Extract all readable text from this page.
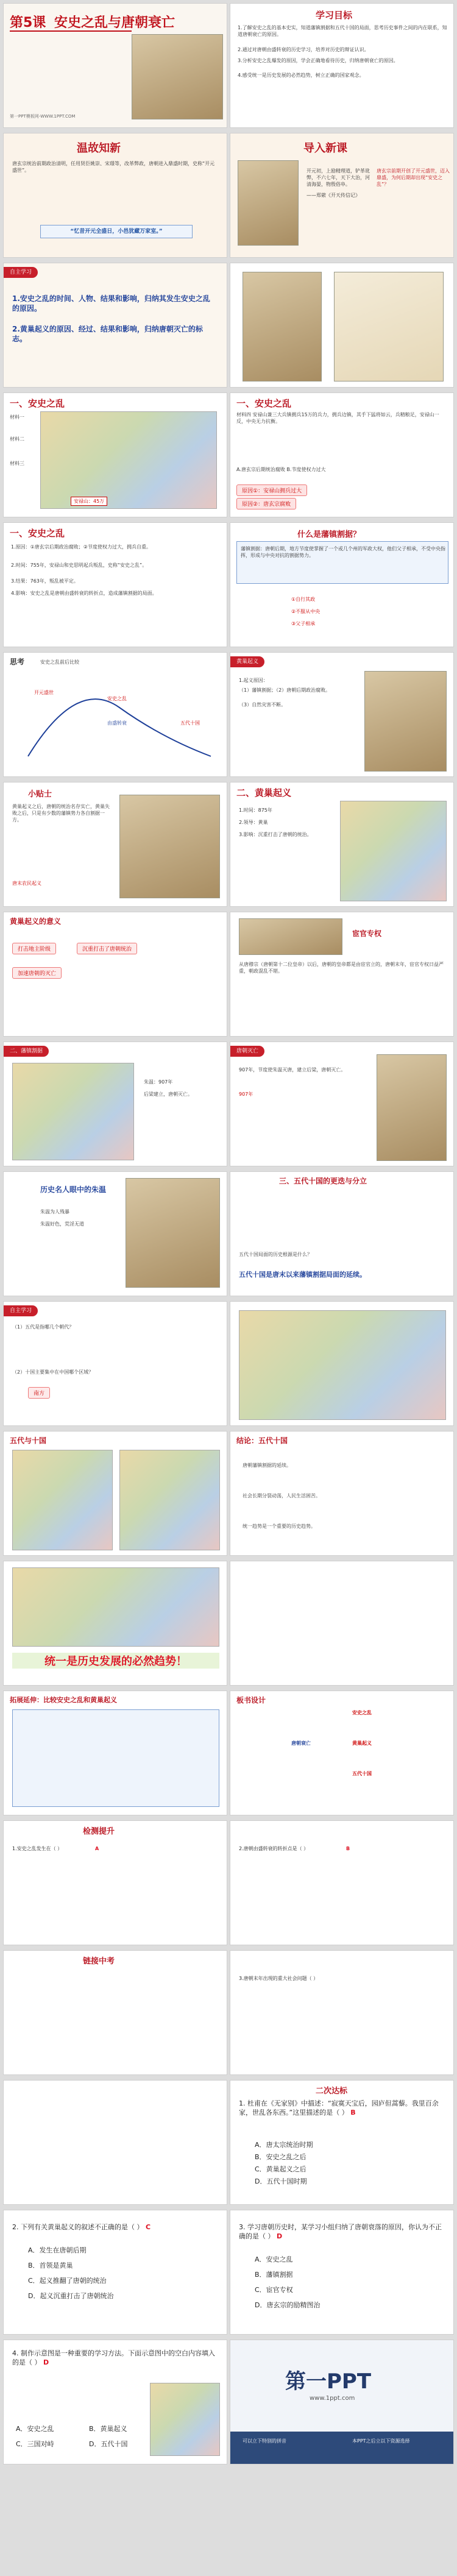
第5课 安史之乱与唐朝衰亡
第一PPT模板网-WWW.1PPT.COM
学习目标
1.了解安史之乱的基本史实，知道藩镇割据和五代十国的局面，思考历史事件之间的内在联系，知道唐朝衰亡的原因。
2.通过对唐朝由盛转衰的历史学习，培养对历史的辩证认识。
3.分析安史之乱爆发的原因，学会正确地看待历史，归纳唐朝衰亡的原因。
4.感受统一是历史发展的必然趋势，树立正确的国家观念。
温故知新
唐玄宗统治前期政治清明，任用贤臣姚崇、宋璟等，改革弊政，唐朝进入鼎盛时期，史称“开元盛世”。
“忆昔开元全盛日，小邑犹藏万家室。”
导入新课
开元初，上励精理道，铲革讹弊，不六七年，天下大治，河清海晏，物殷俗阜。
——郑綮《开天传信记》
唐玄宗前期开创了开元盛世，迈入鼎盛，为何后期却出现“安史之乱”？
自主学习
1.安史之乱的时间、人物、结果和影响，归纳其发生安史之乱的原因。
2.黄巢起义的原因、经过、结果和影响，归纳唐朝灭亡的标志。
一、安史之乱
材料一
材料二
材料三
安禄山：45万
一、安史之乱
材料四 安禄山兼三大兵镇拥兵15万的兵力，拥兵边镇，其手下猛将如云，兵精粮足，安禄山一反，中央无力抗衡。
A.唐玄宗后期统治腐败 B.节度使权力过大
原因①：安禄山拥兵过大
原因②：唐玄宗腐败
一、安史之乱
1.原因：①唐玄宗后期政治腐败；②节度使权力过大，拥兵自重。
2.时间：755年，安禄山和史思明起兵叛乱，史称“安史之乱”。
3.结果：763年，叛乱被平定。
4.影响：安史之乱是唐朝由盛转衰的转折点，造成藩镇割据的局面。
什么是藩镇割据？
藩镇割据：唐朝后期，地方节度使掌握了一个或几个州的军政大权，他们父子相承，不受中央指挥，形成与中央对抗的割据势力。
①自行其政
②不服从中央
③父子相承
思考	安史之乱前后比较
开元盛世
安史之乱
由盛转衰	五代十国
黄巢起义
1.起义原因：
（1）藩镇割据；（2）唐朝后期政治腐败。
（3）自然灾害不断。
小贴士
黄巢起义之后，唐朝的统治名存实亡，黄巢失败之后，只是有少数的藩镇势力各自割据一方。
唐末农民起义
二、黄巢起义
1.时间：875年
2.领导：黄巢
3.影响：沉重打击了唐朝的统治。
黄巢起义的意义
打击地主阶级	沉重打击了唐朝统治
加速唐朝的灭亡
宦官专权
从唐穆宗（唐朝第十二位皇帝）以后，唐朝的皇帝都是由宦官立的，唐朝末年，宦官专权日益严重，朝政混乱不堪。
二、藩镇割据
朱温：907年
后梁建立，唐朝灭亡。
唐朝灭亡
907年，节度使朱温灭唐，建立后梁，唐朝灭亡。
907年
历史名人眼中的朱温
朱温为人残暴
朱温好色，荒淫无道
三、五代十国的更迭与分立
五代十国局面的历史根源是什么？
五代十国是唐末以来藩镇割据局面的延续。
自主学习
（1）五代是指哪几个朝代？
（2）十国主要集中在中国哪个区域？
南方
五代与十国	结论：五代十国
唐朝藩镇割据的延续。
社会长期分裂动荡，人民生活困苦。
统一趋势是一个重要的历史趋势。
统一是历史发展的必然趋势！
拓展延伸：比较安史之乱和黄巢起义	板书设计
安史之乱
黄巢起义
五代十国
唐朝衰亡
检测提升
1.安史之乱发生在（ ）	A	2.唐朝由盛转衰的转折点是（ ）	B
链接中考
3.唐朝末年出现的重大社会问题（ ）
二次达标
1. 杜甫在《无家别》中描述：“寂寞天宝后，园庐但蒿藜。我里百余家，世乱各东西。”这里描述的是（ ） B
A．唐太宗统治时期
B．安史之乱之后
C．黄巢起义之后
D．五代十国时期
2. 下列有关黄巢起义的叙述不正确的是（ ） C
A．发生在唐朝后期
B．首领是黄巢
C．起义推翻了唐朝的统治
D．起义沉重打击了唐朝统治
3. 学习唐朝历史时，某学习小组归纳了唐朝衰落的原因，你认为不正确的是（ ） D
A．安史之乱
B．藩镇割据
C．宦官专权
D．唐玄宗的励精图治
4. 制作示意图是一种重要的学习方法。下面示意图中的空白内容填入的是（ ） D
A．安史之乱	B．黄巢起义
C．三国对峙	D．五代十国
第一PPT
www.1ppt.com
可以立下特别的拼音	本PPT之后立以下资源选择
